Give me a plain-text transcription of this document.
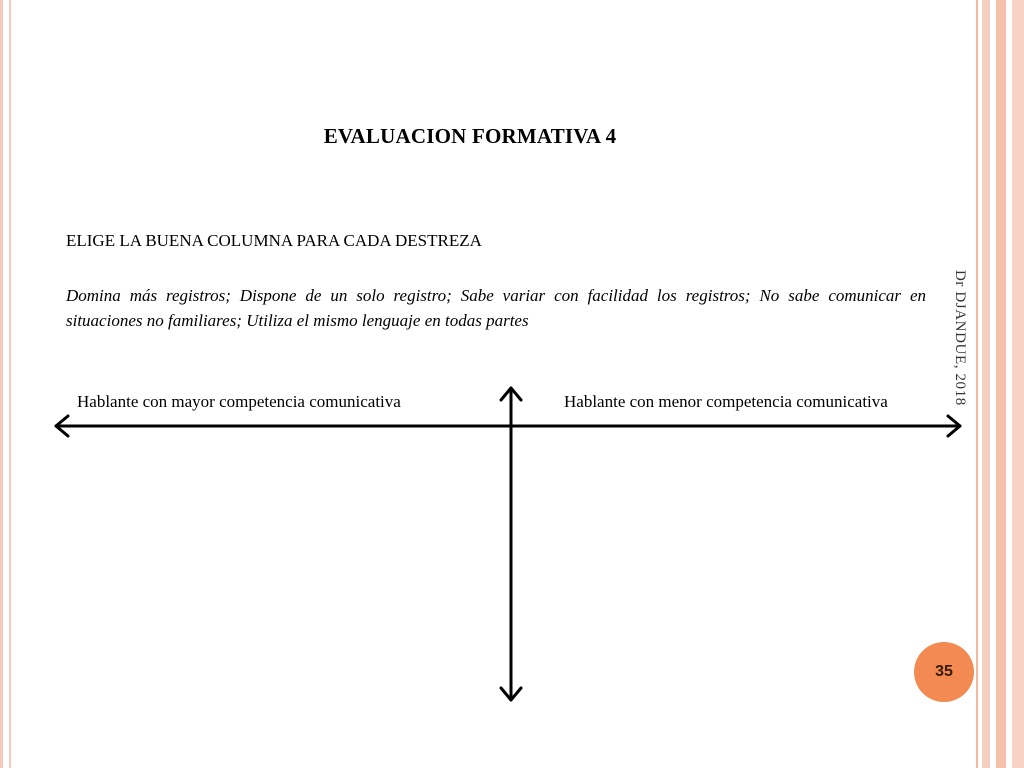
EVALUACION FORMATIVA 4
ELIGE LA BUENA COLUMNA PARA CADA DESTREZA
Domina más registros; Dispone de un solo registro; Sabe variar con facilidad los registros; No sabe comunicar en situaciones no familiares; Utiliza el mismo lenguaje en todas partes
Hablante con mayor competencia comunicativa	Hablante con menor competencia comunicativa	Dr DJANDUE, 2018
35
